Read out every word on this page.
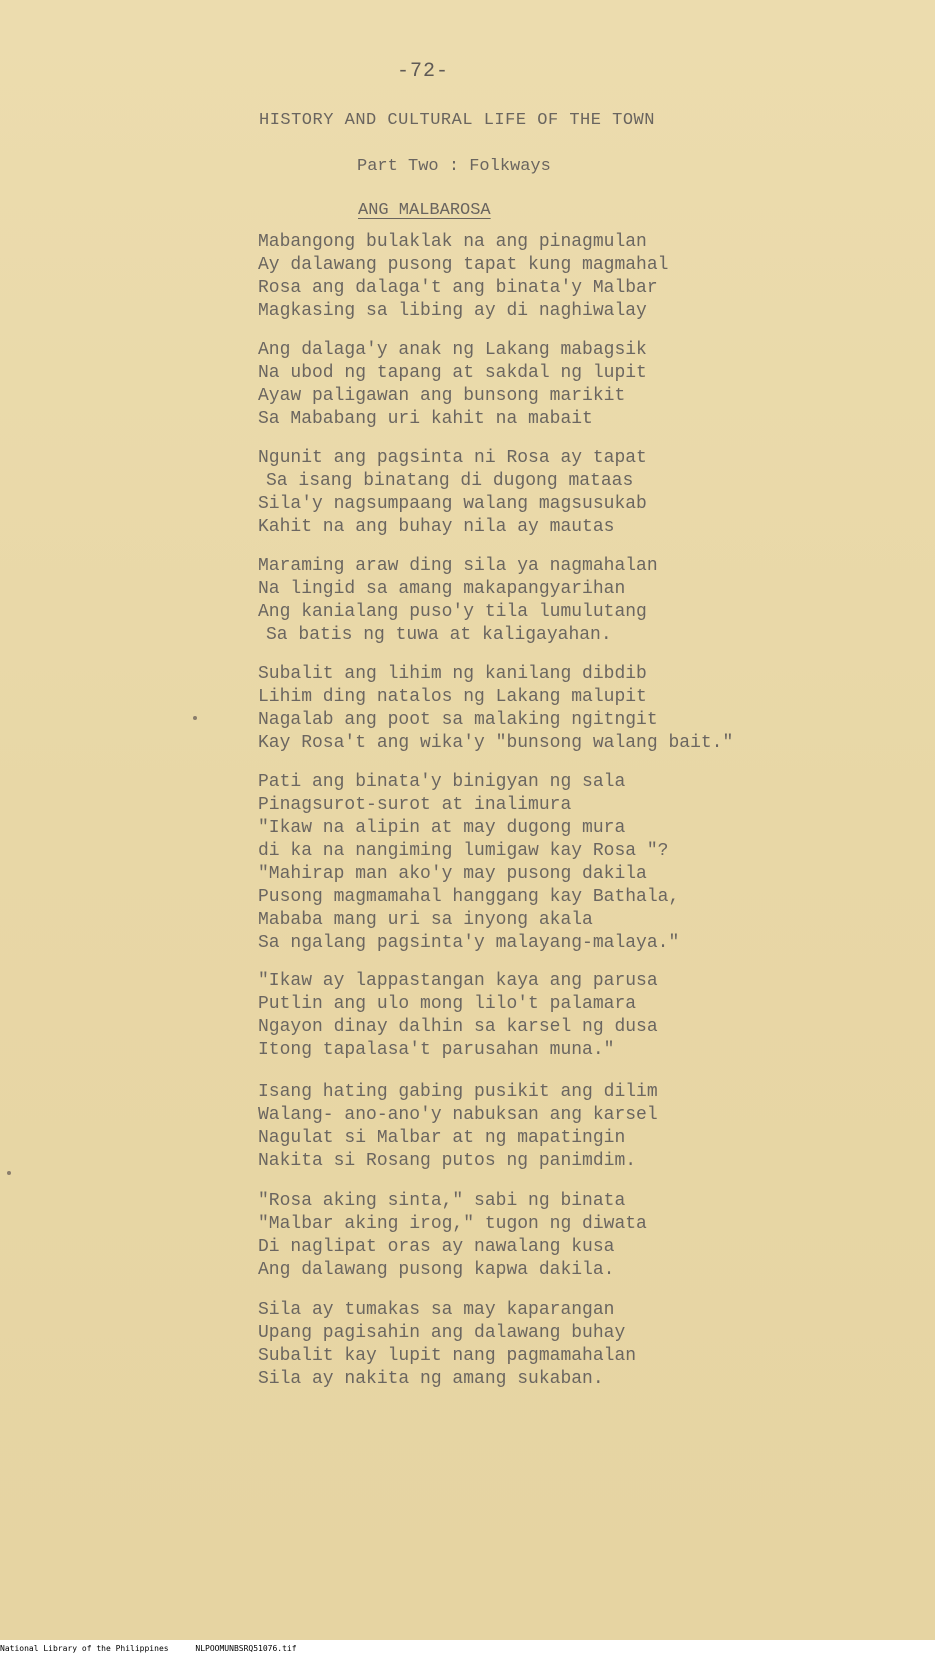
-72-
HISTORY AND CULTURAL LIFE OF THE TOWN
Part Two : Folkways
ANG MALBAROSA
Mabangong bulaklak na ang pinagmulan
Ay dalawang pusong tapat kung magmahal
Rosa ang dalaga't ang binata'y Malbar
Magkasing sa libing ay di naghiwalay
Ang dalaga'y anak ng Lakang mabagsik
Na ubod ng tapang at sakdal ng lupit
Ayaw paligawan ang bunsong marikit
Sa Mababang uri kahit na mabait
Ngunit ang pagsinta ni Rosa ay tapat
Sa isang binatang di dugong mataas
Sila'y nagsumpaang walang magsusukab
Kahit na ang buhay nila ay mautas
Maraming araw ding sila ya nagmahalan
Na lingid sa amang makapangyarihan
Ang kanialang puso'y tila lumulutang
Sa batis ng tuwa at kaligayahan.
Subalit ang lihim ng kanilang dibdib
Lihim ding natalos ng Lakang malupit
Nagalab ang poot sa malaking ngitngit
Kay Rosa't ang wika'y "bunsong walang bait."
Pati ang binata'y binigyan ng sala
Pinagsurot-surot at inalimura
"Ikaw na alipin at may dugong mura
di ka na nangiming lumigaw kay Rosa "?
"Mahirap man ako'y may pusong dakila
Pusong magmamahal hanggang kay Bathala,
Mababa mang uri sa inyong akala
Sa ngalang pagsinta'y malayang-malaya."
"Ikaw ay lappastangan kaya ang parusa
Putlin ang ulo mong lilo't palamara
Ngayon dinay dalhin sa karsel ng dusa
Itong tapalasa't parusahan muna."
Isang hating gabing pusikit ang dilim
Walang- ano-ano'y nabuksan ang karsel
Nagulat si Malbar at ng mapatingin
Nakita si Rosang putos ng panimdim.
"Rosa aking sinta," sabi ng binata
"Malbar aking irog," tugon ng diwata
Di naglipat oras ay nawalang kusa
Ang dalawang pusong kapwa dakila.
Sila ay tumakas sa may kaparangan
Upang pagisahin ang dalawang buhay
Subalit kay lupit nang pagmamahalan
Sila ay nakita ng amang sukaban.
National Library of the Philippines	NLPOOMUNBSRQ51076.tif
